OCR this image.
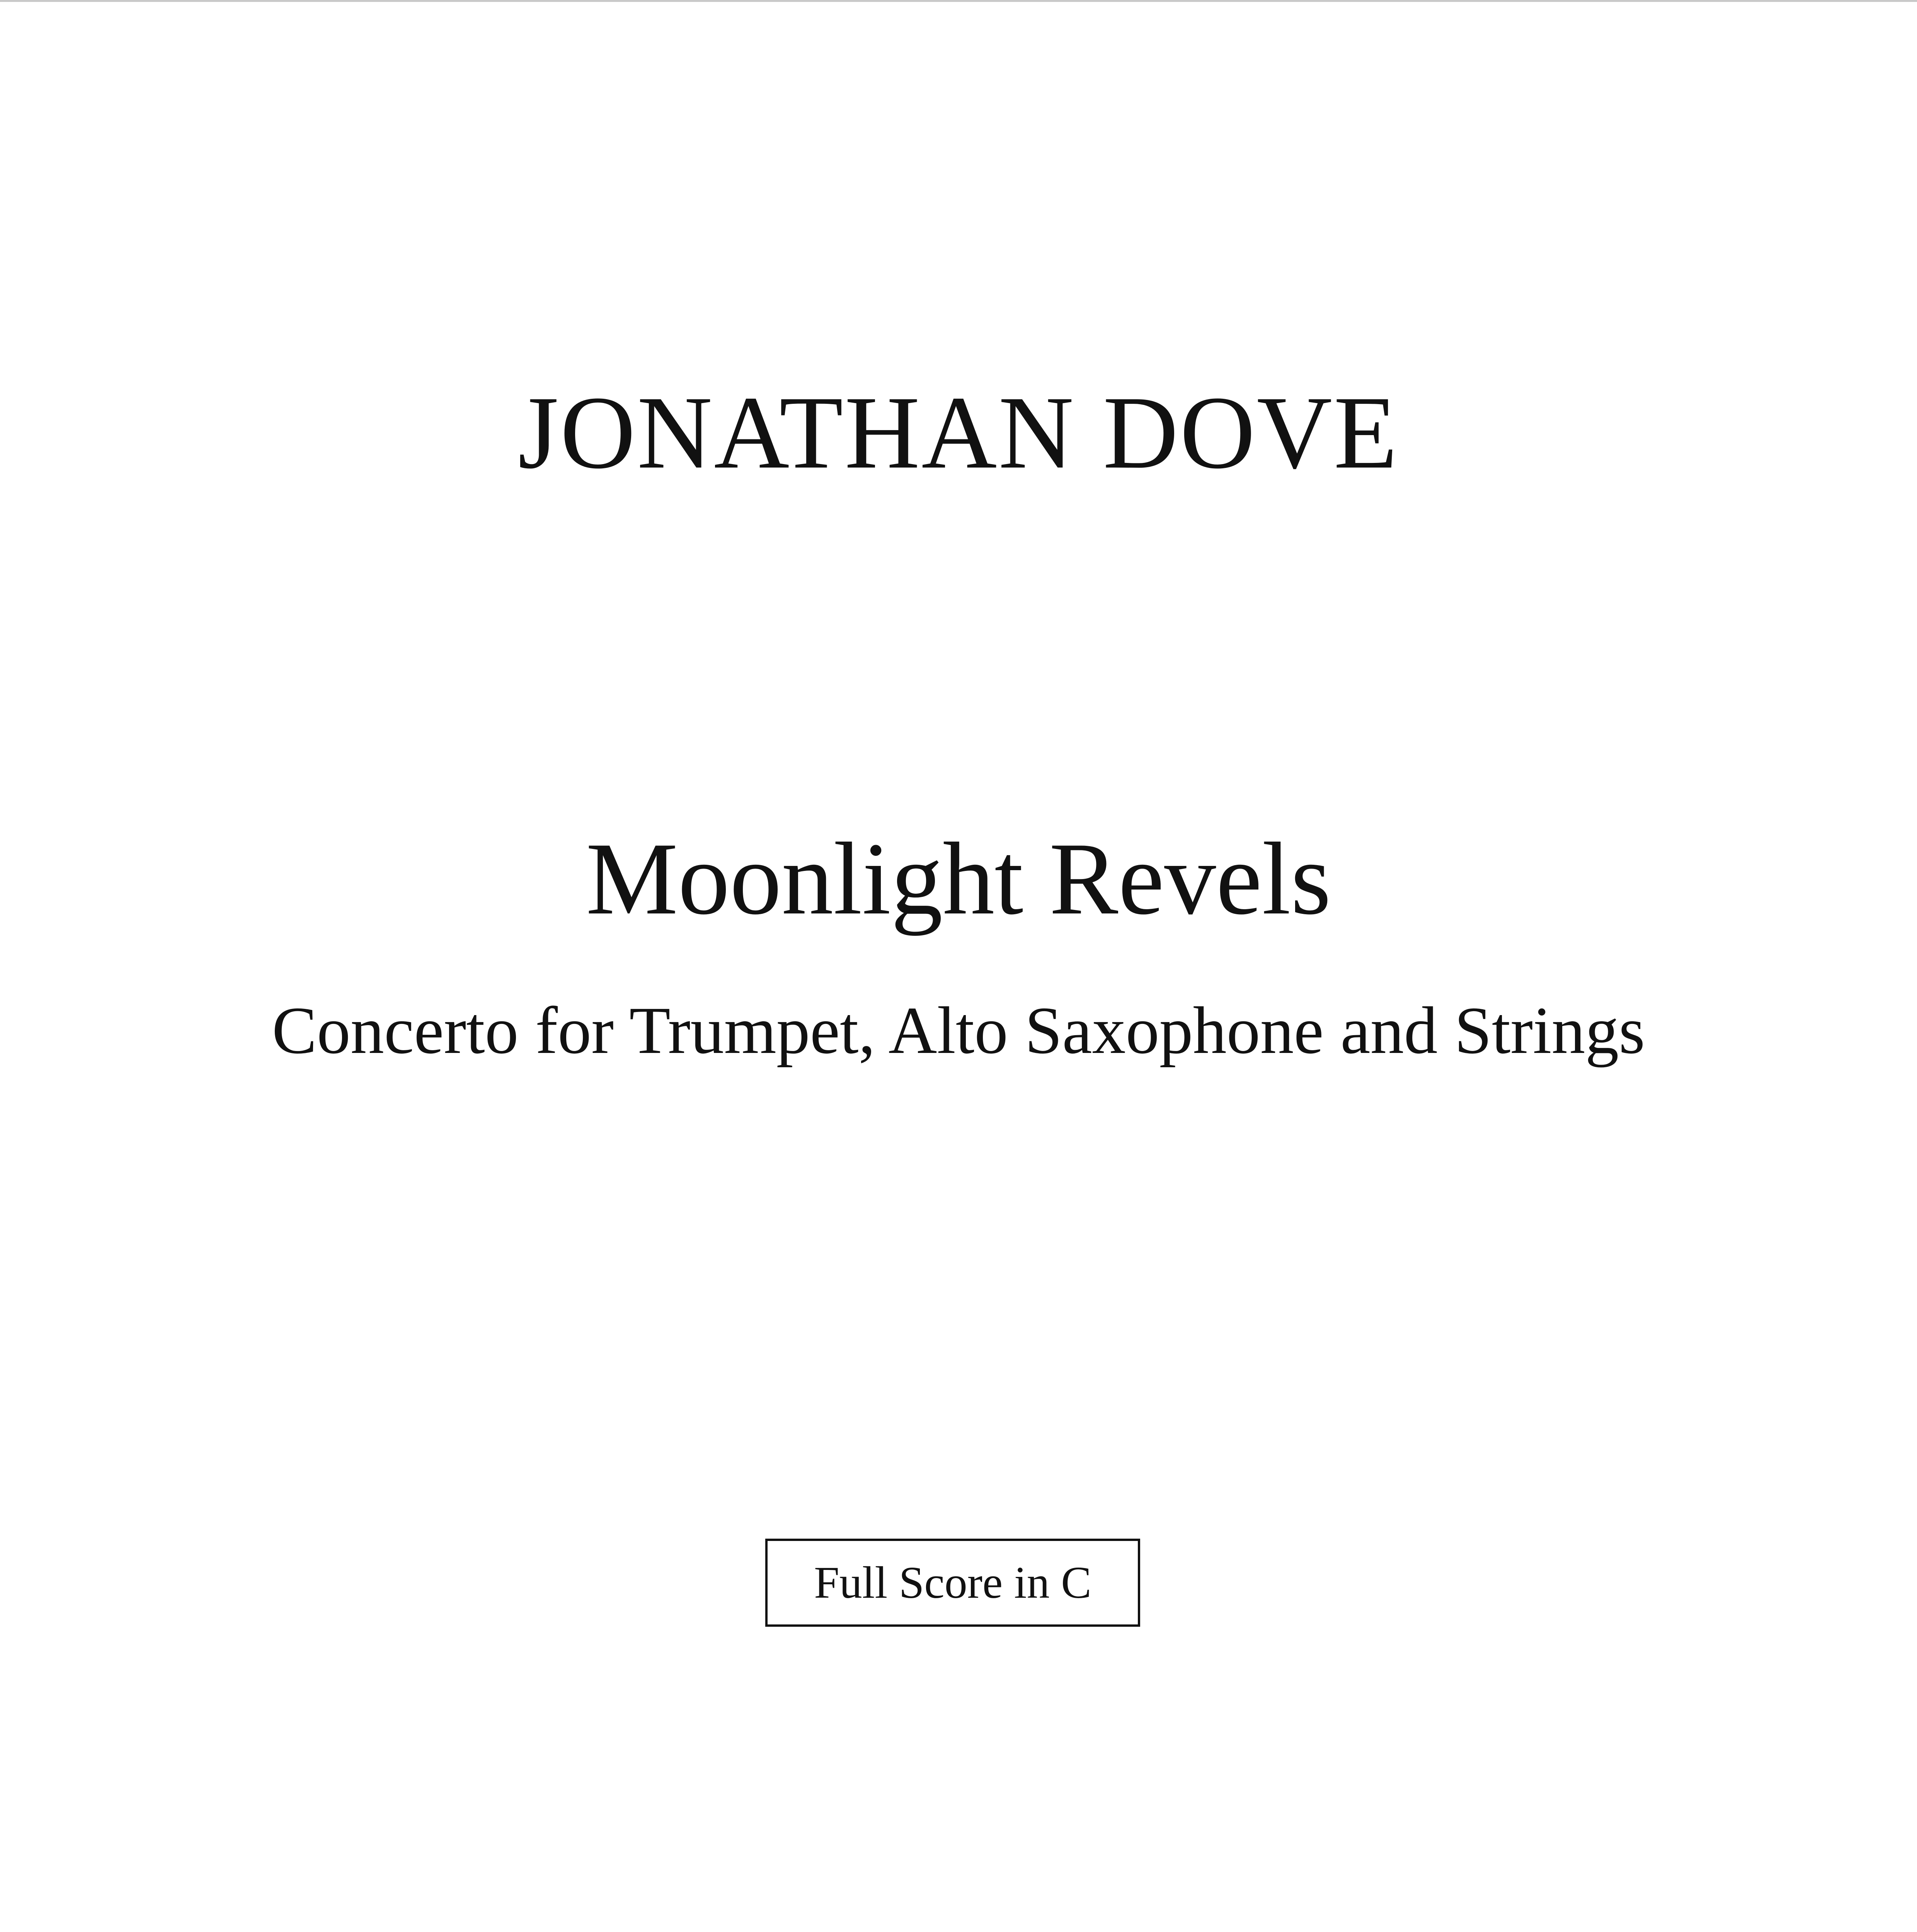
JONATHAN DOVE
Moonlight Revels
Concerto for Trumpet, Alto Saxophone and Strings
Full Score in C
